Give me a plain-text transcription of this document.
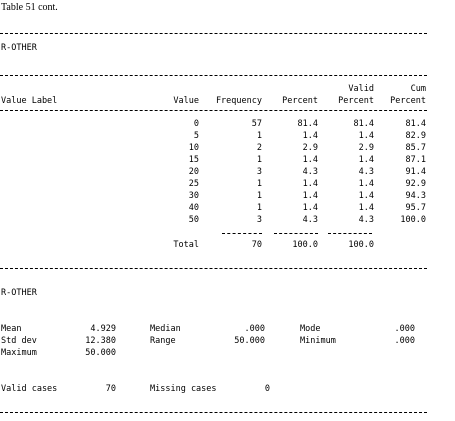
Table 51 cont.
R-OTHER
Valid	Cum
Value Label	Value	Frequency	Percent	Percent	Percent
0	57	81.4	81.4	81.4
5	1	1.4	1.4	82.9
10	2	2.9	2.9	85.7
15	1	1.4	1.4	87.1
20	3	4.3	4.3	91.4
25	1	1.4	1.4	92.9
30	1	1.4	1.4	94.3
40	1	1.4	1.4	95.7
50	3	4.3	4.3	100.0
Total	70	100.0	100.0
R-OTHER
Mean	4.929	Median	.000	Mode	.000
Std dev	12.380	Range	50.000	Minimum	.000
Maximum	50.000
Valid cases	70	Missing cases	0
